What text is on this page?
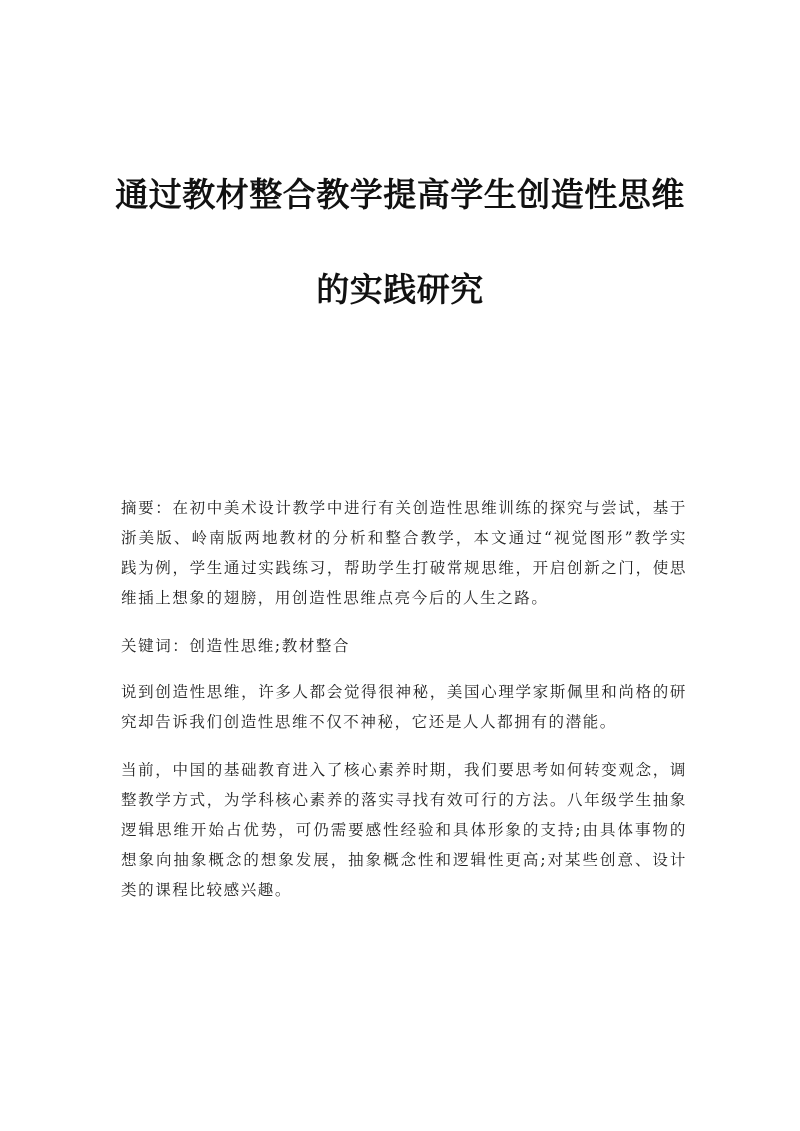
通过教材整合教学提高学生创造性思维
的实践研究

摘要：在初中美术设计教学中进行有关创造性思维训练的探究与尝试，基于浙美版、岭南版两地教材的分析和整合教学，本文通过“视觉图形”教学实践为例，学生通过实践练习，帮助学生打破常规思维，开启创新之门，使思维插上想象的翅膀，用创造性思维点亮今后的人生之路。

关键词：创造性思维;教材整合

说到创造性思维，许多人都会觉得很神秘，美国心理学家斯佩里和尚格的研究却告诉我们创造性思维不仅不神秘，它还是人人都拥有的潜能。

当前，中国的基础教育进入了核心素养时期，我们要思考如何转变观念，调整教学方式，为学科核心素养的落实寻找有效可行的方法。八年级学生抽象逻辑思维开始占优势，可仍需要感性经验和具体形象的支持;由具体事物的想象向抽象概念的想象发展，抽象概念性和逻辑性更高;对某些创意、设计类的课程比较感兴趣。
